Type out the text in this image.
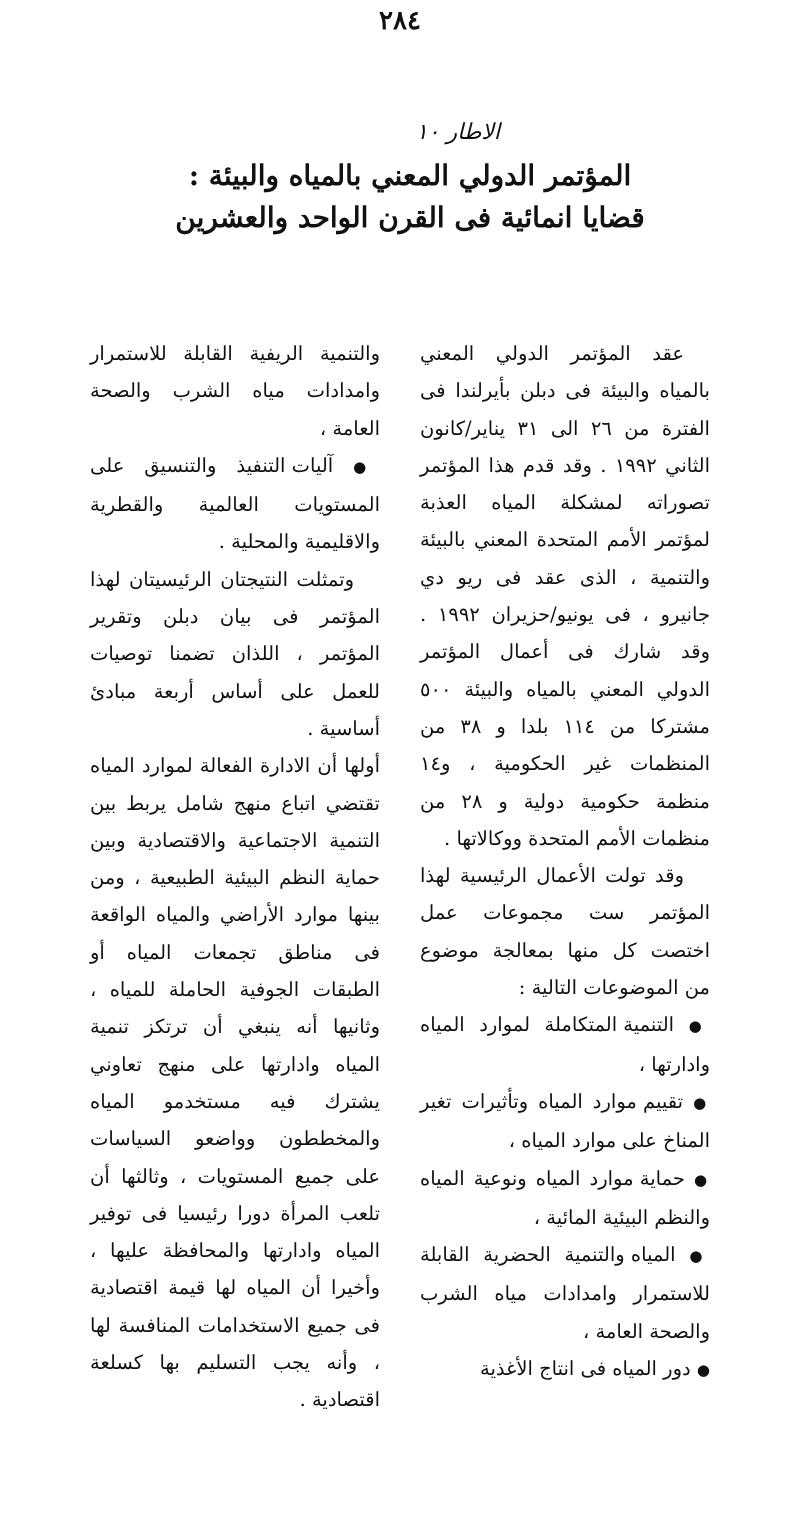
٢٨٤
الاطار ١٠
المؤتمر الدولي المعني بالمياه والبيئة :
قضايا انمائية فى القرن الواحد والعشرين

عقد المؤتمر الدولي المعني بالمياه والبيئة فى دبلن بأيرلندا فى الفترة من ٢٦ الى ٣١ يناير/كانون الثاني ١٩٩٢ . وقد قدم هذا المؤتمر تصوراته لمشكلة المياه العذبة لمؤتمر الأمم المتحدة المعني بالبيئة والتنمية ، الذى عقد فى ريو دي جانيرو ، فى يونيو/حزيران ١٩٩٢ . وقد شارك فى أعمال المؤتمر الدولي المعني بالمياه والبيئة ٥٠٠ مشتركا من ١١٤ بلدا و ٣٨ من المنظمات غير الحكومية ، و١٤ منظمة حكومية دولية و ٢٨ من منظمات الأمم المتحدة ووكالاتها .

وقد تولت الأعمال الرئيسية لهذا المؤتمر ست مجموعات عمل اختصت كل منها بمعالجة موضوع من الموضوعات التالية :

● التنمية المتكاملة لموارد المياه وادارتها ،

● تقييم موارد المياه وتأثيرات تغير المناخ على موارد المياه ،

● حماية موارد المياه ونوعية المياه والنظم البيئية المائية ،

● المياه والتنمية الحضرية القابلة للاستمرار وامدادات مياه الشرب والصحة العامة ،

● دور المياه فى انتاج الأغذية

والتنمية الريفية القابلة للاستمرار وامدادات مياه الشرب والصحة العامة ،

● آليات التنفيذ والتنسيق على المستويات العالمية والقطرية والاقليمية والمحلية .

وتمثلت النتيجتان الرئيسيتان لهذا المؤتمر فى بيان دبلن وتقرير المؤتمر ، اللذان تضمنا توصيات للعمل على أساس أربعة مبادئ أساسية .

أولها أن الادارة الفعالة لموارد المياه تقتضي اتباع منهج شامل يربط بين التنمية الاجتماعية والاقتصادية وبين حماية النظم البيئية الطبيعية ، ومن بينها موارد الأراضي والمياه الواقعة فى مناطق تجمعات المياه أو الطبقات الجوفية الحاملة للمياه ، وثانيها أنه ينبغي أن ترتكز تنمية المياه وادارتها على منهج تعاوني يشترك فيه مستخدمو المياه والمخططون وواضعو السياسات على جميع المستويات ، وثالثها أن تلعب المرأة دورا رئيسيا فى توفير المياه وادارتها والمحافظة عليها ، وأخيرا أن المياه لها قيمة اقتصادية فى جميع الاستخدامات المنافسة لها ، وأنه يجب التسليم بها كسلعة اقتصادية .
